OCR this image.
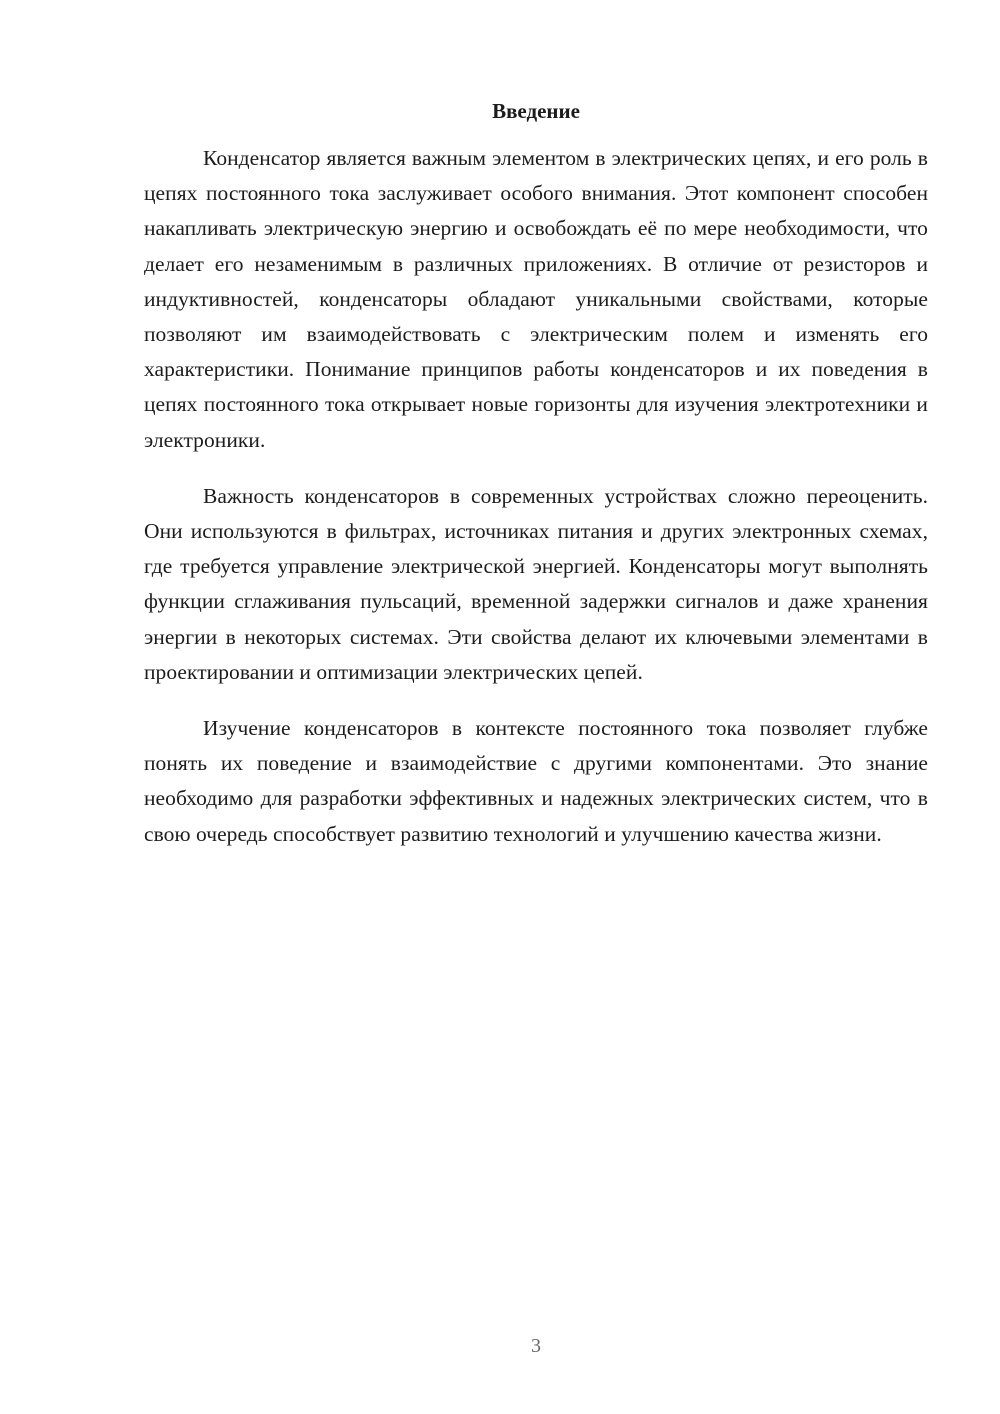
Введение

Конденсатор является важным элементом в электрических цепях, и его роль в цепях постоянного тока заслуживает особого внимания. Этот компонент способен накапливать электрическую энергию и освобождать её по мере необходимости, что делает его незаменимым в различных приложениях. В отличие от резисторов и индуктивностей, конденсаторы обладают уникальными свойствами, которые позволяют им взаимодействовать с электрическим полем и изменять его характеристики. Понимание принципов работы конденсаторов и их поведения в цепях постоянного тока открывает новые горизонты для изучения электротехники и электроники.

Важность конденсаторов в современных устройствах сложно переоценить. Они используются в фильтрах, источниках питания и других электронных схемах, где требуется управление электрической энергией. Конденсаторы могут выполнять функции сглаживания пульсаций, временной задержки сигналов и даже хранения энергии в некоторых системах. Эти свойства делают их ключевыми элементами в проектировании и оптимизации электрических цепей.

Изучение конденсаторов в контексте постоянного тока позволяет глубже понять их поведение и взаимодействие с другими компонентами. Это знание необходимо для разработки эффективных и надежных электрических систем, что в свою очередь способствует развитию технологий и улучшению качества жизни.

3
